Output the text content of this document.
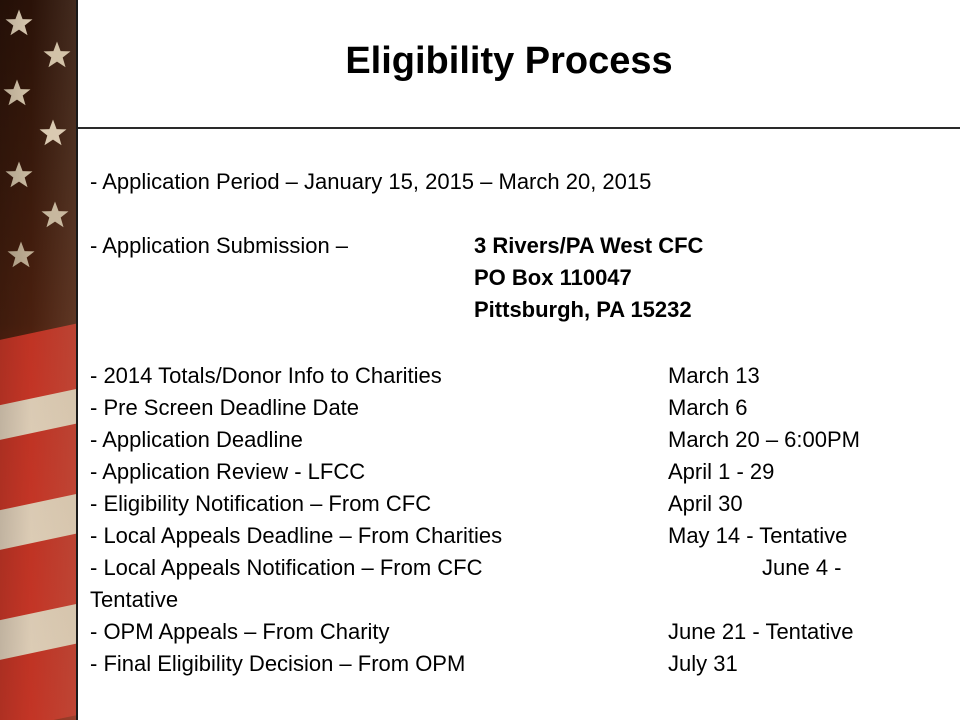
Eligibility Process
- Application Period – January 15, 2015 – March 20, 2015
- Application Submission –	3 Rivers/PA West CFC
PO Box 110047
Pittsburgh, PA 15232
- 2014 Totals/Donor Info to Charities	March 13
- Pre Screen Deadline Date	March 6
- Application Deadline	March 20 – 6:00PM
- Application Review - LFCC	April 1 - 29
- Eligibility Notification – From CFC	April 30
- Local Appeals Deadline – From Charities	May 14 - Tentative
- Local Appeals Notification – From CFC	June 4 -
Tentative
- OPM Appeals – From Charity	June 21 - Tentative
- Final Eligibility Decision – From OPM	July 31
